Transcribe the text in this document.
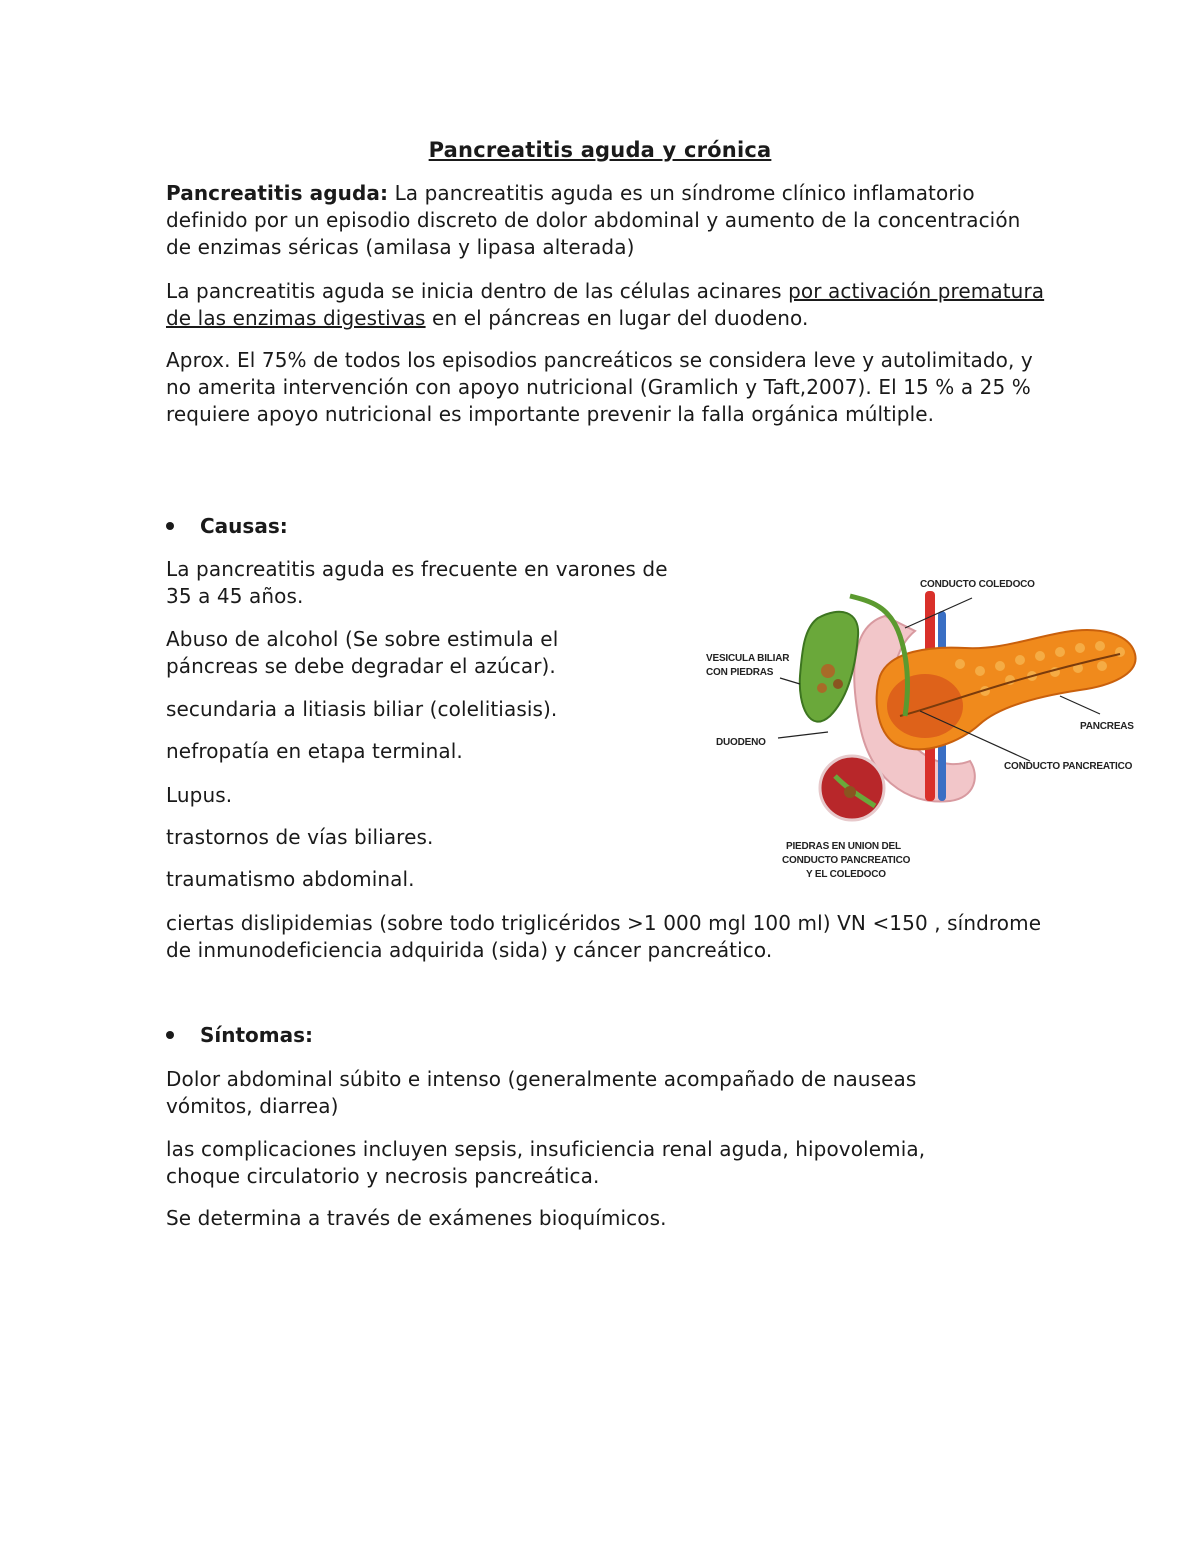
Pancreatitis aguda y crónica
Pancreatitis aguda: La pancreatitis aguda es un síndrome clínico inflamatorio definido por un episodio discreto de dolor abdominal y aumento de la concentración de enzimas séricas (amilasa y lipasa alterada)
La pancreatitis aguda se inicia dentro de las células acinares por activación prematura de las enzimas digestivas en el páncreas en lugar del duodeno.
Aprox. El 75% de todos los episodios pancreáticos se considera leve y autolimitado, y no amerita intervención con apoyo nutricional (Gramlich y Taft,2007). El 15 % a 25 % requiere apoyo nutricional es importante prevenir la falla orgánica múltiple.
Causas:
La pancreatitis aguda es frecuente en varones de 35 a 45 años.
Abuso de alcohol (Se sobre estimula el páncreas se debe degradar el azúcar).
secundaria a litiasis biliar (colelitiasis).
nefropatía en etapa terminal.
Lupus.
trastornos de vías biliares.
traumatismo abdominal.
ciertas dislipidemias (sobre todo triglicéridos >1 000 mgl 100 ml) VN <150 , síndrome de inmunodeficiencia adquirida (sida) y cáncer pancreático.
CONDUCTO COLEDOCO
VESICULA BILIAR
CON PIEDRAS
PANCREAS
DUODENO
CONDUCTO PANCREATICO
PIEDRAS EN UNION DEL
CONDUCTO PANCREATICO
Y EL COLEDOCO
Síntomas:
Dolor abdominal súbito e intenso (generalmente acompañado de nauseas vómitos, diarrea)
las complicaciones incluyen sepsis, insuficiencia renal aguda, hipovolemia, choque circulatorio y necrosis pancreática.
Se determina a través de exámenes bioquímicos.
